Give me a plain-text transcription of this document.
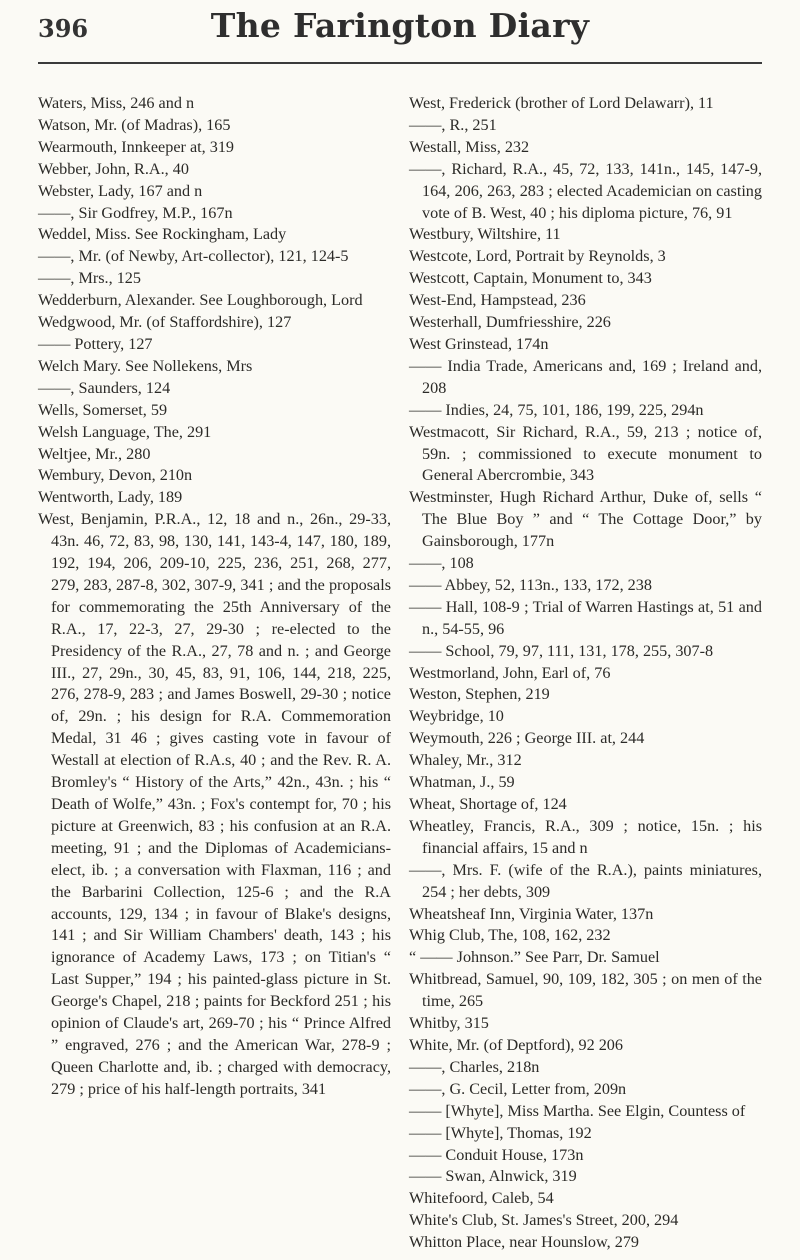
396	The Farington Diary

Waters, Miss, 246 and n

Watson, Mr. (of Madras), 165

Wearmouth, Innkeeper at, 319

Webber, John, R.A., 40

Webster, Lady, 167 and n

——, Sir Godfrey, M.P., 167n

Weddel, Miss. See Rockingham, Lady

——, Mr. (of Newby, Art-collector), 121, 124-5

——, Mrs., 125

Wedderburn, Alexander. See Loughborough, Lord

Wedgwood, Mr. (of Staffordshire), 127

—— Pottery, 127

Welch Mary. See Nollekens, Mrs

——, Saunders, 124

Wells, Somerset, 59

Welsh Language, The, 291

Weltjee, Mr., 280

Wembury, Devon, 210n

Wentworth, Lady, 189

West, Benjamin, P.R.A., 12, 18 and n., 26n., 29-33, 43n. 46, 72, 83, 98, 130, 141, 143-4, 147, 180, 189, 192, 194, 206, 209-10, 225, 236, 251, 268, 277, 279, 283, 287-8, 302, 307-9, 341 ; and the proposals for commemorating the 25th Anniversary of the R.A., 17, 22-3, 27, 29-30 ; re-elected to the Presidency of the R.A., 27, 78 and n. ; and George III., 27, 29n., 30, 45, 83, 91, 106, 144, 218, 225, 276, 278-9, 283 ; and James Boswell, 29-30 ; notice of, 29n. ; his design for R.A. Commemoration Medal, 31 46 ; gives casting vote in favour of Westall at election of R.A.s, 40 ; and the Rev. R. A. Bromley's “ History of the Arts,” 42n., 43n. ; his “ Death of Wolfe,” 43n. ; Fox's contempt for, 70 ; his picture at Greenwich, 83 ; his confusion at an R.A. meeting, 91 ; and the Diplomas of Academicians-elect, ib. ; a conversation with Flaxman, 116 ; and the Barbarini Collection, 125-6 ; and the R.A accounts, 129, 134 ; in favour of Blake's designs, 141 ; and Sir William Chambers' death, 143 ; his ignorance of Academy Laws, 173 ; on Titian's “ Last Supper,” 194 ; his painted-glass picture in St. George's Chapel, 218 ; paints for Beckford 251 ; his opinion of Claude's art, 269-70 ; his “ Prince Alfred ” engraved, 276 ; and the American War, 278-9 ; Queen Charlotte and, ib. ; charged with democracy, 279 ; price of his half-length portraits, 341

West, Frederick (brother of Lord Delawarr), 11

——, R., 251

Westall, Miss, 232

——, Richard, R.A., 45, 72, 133, 141n., 145, 147-9, 164, 206, 263, 283 ; elected Academician on casting vote of B. West, 40 ; his diploma picture, 76, 91

Westbury, Wiltshire, 11

Westcote, Lord, Portrait by Reynolds, 3

Westcott, Captain, Monument to, 343

West-End, Hampstead, 236

Westerhall, Dumfriesshire, 226

West Grinstead, 174n

—— India Trade, Americans and, 169 ; Ireland and, 208

—— Indies, 24, 75, 101, 186, 199, 225, 294n

Westmacott, Sir Richard, R.A., 59, 213 ; notice of, 59n. ; commissioned to execute monument to General Abercrombie, 343

Westminster, Hugh Richard Arthur, Duke of, sells “ The Blue Boy ” and “ The Cottage Door,” by Gainsborough, 177n

——, 108

—— Abbey, 52, 113n., 133, 172, 238

—— Hall, 108-9 ; Trial of Warren Hastings at, 51 and n., 54-55, 96

—— School, 79, 97, 111, 131, 178, 255, 307-8

Westmorland, John, Earl of, 76

Weston, Stephen, 219

Weybridge, 10

Weymouth, 226 ; George III. at, 244

Whaley, Mr., 312

Whatman, J., 59

Wheat, Shortage of, 124

Wheatley, Francis, R.A., 309 ; notice, 15n. ; his financial affairs, 15 and n

——, Mrs. F. (wife of the R.A.), paints miniatures, 254 ; her debts, 309

Wheatsheaf Inn, Virginia Water, 137n

Whig Club, The, 108, 162, 232

“ —— Johnson.” See Parr, Dr. Samuel

Whitbread, Samuel, 90, 109, 182, 305 ; on men of the time, 265

Whitby, 315

White, Mr. (of Deptford), 92 206

——, Charles, 218n

——, G. Cecil, Letter from, 209n

—— [Whyte], Miss Martha. See Elgin, Countess of

—— [Whyte], Thomas, 192

—— Conduit House, 173n

—— Swan, Alnwick, 319

Whitefoord, Caleb, 54

White's Club, St. James's Street, 200, 294

Whitton Place, near Hounslow, 279
